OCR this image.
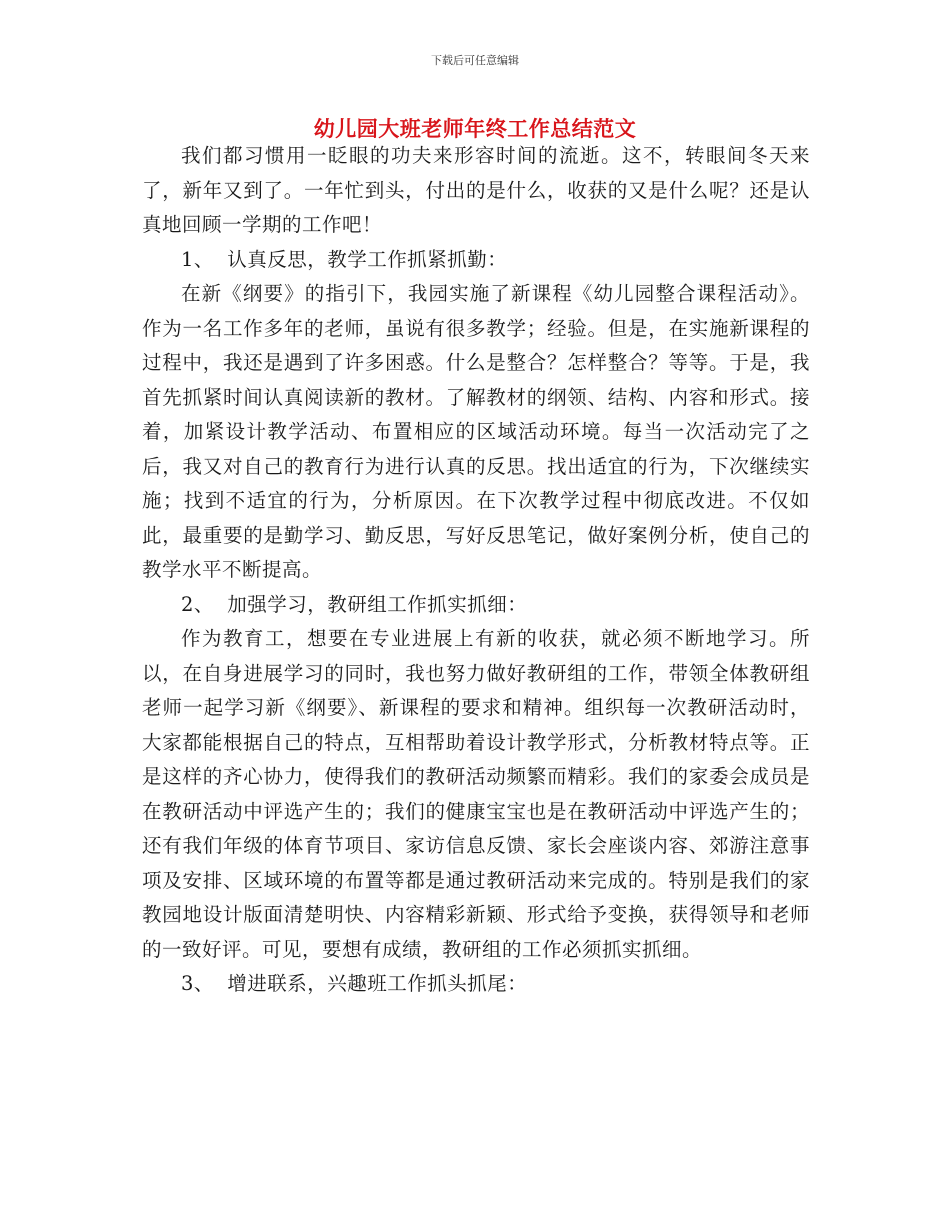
下载后可任意编辑
幼儿园大班老师年终工作总结范文

我们都习惯用一眨眼的功夫来形容时间的流逝。这不，转眼间冬天来了，新年又到了。一年忙到头，付出的是什么，收获的又是什么呢？还是认真地回顾一学期的工作吧！

1、  认真反思，教学工作抓紧抓勤：

在新《纲要》的指引下，我园实施了新课程《幼儿园整合课程活动》。作为一名工作多年的老师，虽说有很多教学；经验。但是，在实施新课程的过程中，我还是遇到了许多困惑。什么是整合？怎样整合？等等。于是，我首先抓紧时间认真阅读新的教材。了解教材的纲领、结构、内容和形式。接着，加紧设计教学活动、布置相应的区域活动环境。每当一次活动完了之后，我又对自己的教育行为进行认真的反思。找出适宜的行为，下次继续实施；找到不适宜的行为，分析原因。在下次教学过程中彻底改进。不仅如此，最重要的是勤学习、勤反思，写好反思笔记，做好案例分析，使自己的教学水平不断提高。

2、  加强学习，教研组工作抓实抓细：

作为教育工，想要在专业进展上有新的收获，就必须不断地学习。所以，在自身进展学习的同时，我也努力做好教研组的工作，带领全体教研组老师一起学习新《纲要》、新课程的要求和精神。组织每一次教研活动时，大家都能根据自己的特点，互相帮助着设计教学形式，分析教材特点等。正是这样的齐心协力，使得我们的教研活动频繁而精彩。我们的家委会成员是在教研活动中评选产生的；我们的健康宝宝也是在教研活动中评选产生的；还有我们年级的体育节项目、家访信息反馈、家长会座谈内容、郊游注意事项及安排、区域环境的布置等都是通过教研活动来完成的。特别是我们的家教园地设计版面清楚明快、内容精彩新颖、形式给予变换，获得领导和老师的一致好评。可见，要想有成绩，教研组的工作必须抓实抓细。

3、  增进联系，兴趣班工作抓头抓尾：
